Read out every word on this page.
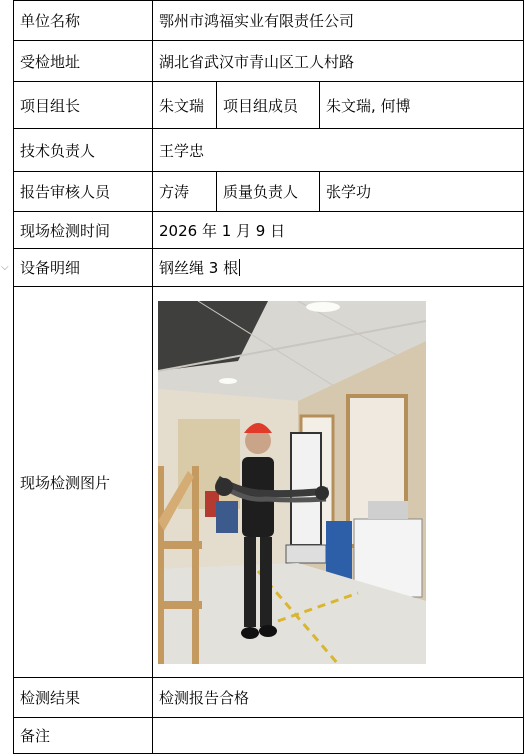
⌵
单位名称	鄂州市鸿福实业有限责任公司		
受检地址	湖北省武汉市青山区工人村路		
项目组长	朱文瑞	项目组成员	朱文瑞, 何博
技术负责人	王学忠		
报告审核人员	方涛	质量负责人	张学功
现场检测时间	2026 年 1 月 9 日		
设备明细	钢丝绳 3 根		
现场检测图片	

检测结果	检测报告合格		
备注			
